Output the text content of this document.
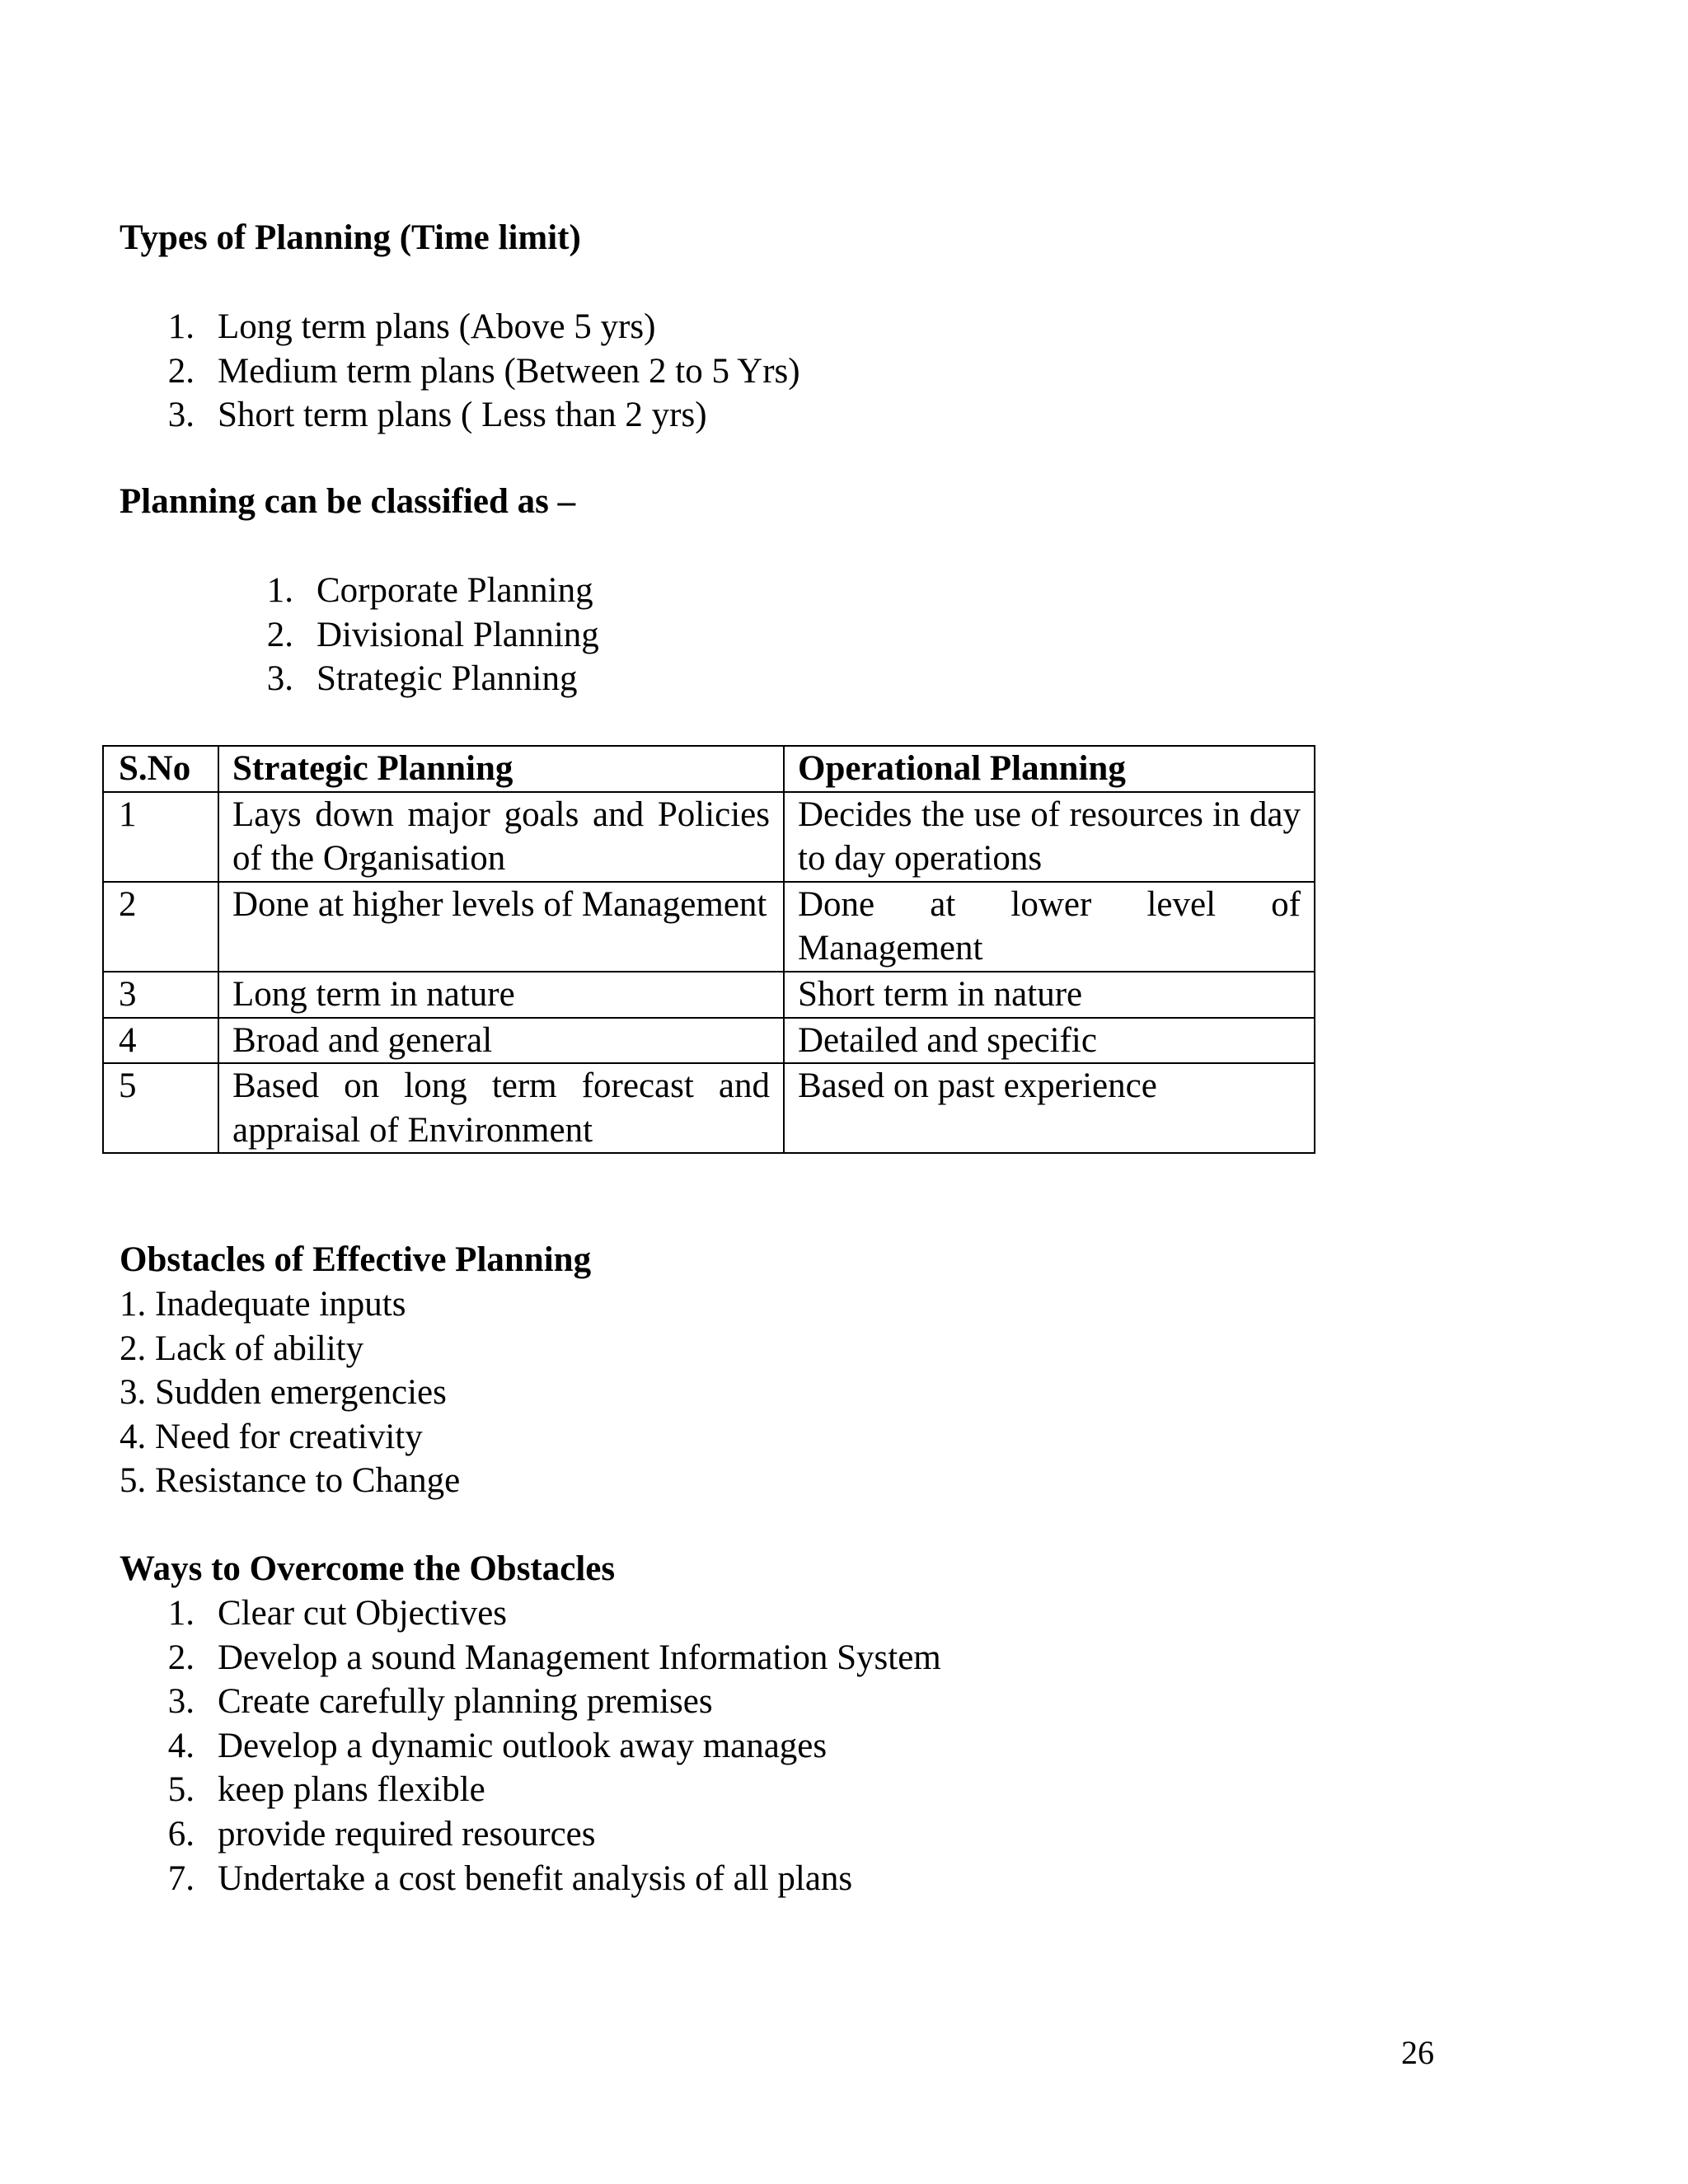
Types of Planning (Time limit)
1. Long term plans (Above 5 yrs)
2. Medium term plans (Between 2 to 5 Yrs)
3. Short term plans ( Less than 2 yrs)
Planning can be classified as –
1. Corporate Planning
2. Divisional Planning
3. Strategic Planning
S.No	Strategic Planning	Operational Planning
1	Lays down major goals and Policies of the Organisation	Decides the use of resources in day to day operations
2	Done at higher levels of Management	Done at lower level of Management
3	Long term in nature	Short term in nature
4	Broad and general	Detailed and specific
5	Based on long term forecast and appraisal of Environment	Based on past experience
Obstacles of Effective Planning
1. Inadequate inputs
2. Lack of ability
3. Sudden emergencies
4. Need for creativity
5. Resistance to Change
Ways to Overcome the Obstacles
1. Clear cut Objectives
2. Develop a sound Management Information System
3. Create carefully planning premises
4. Develop a dynamic outlook away manages
5. keep plans flexible
6. provide required resources
7. Undertake a cost benefit analysis of all plans
26
